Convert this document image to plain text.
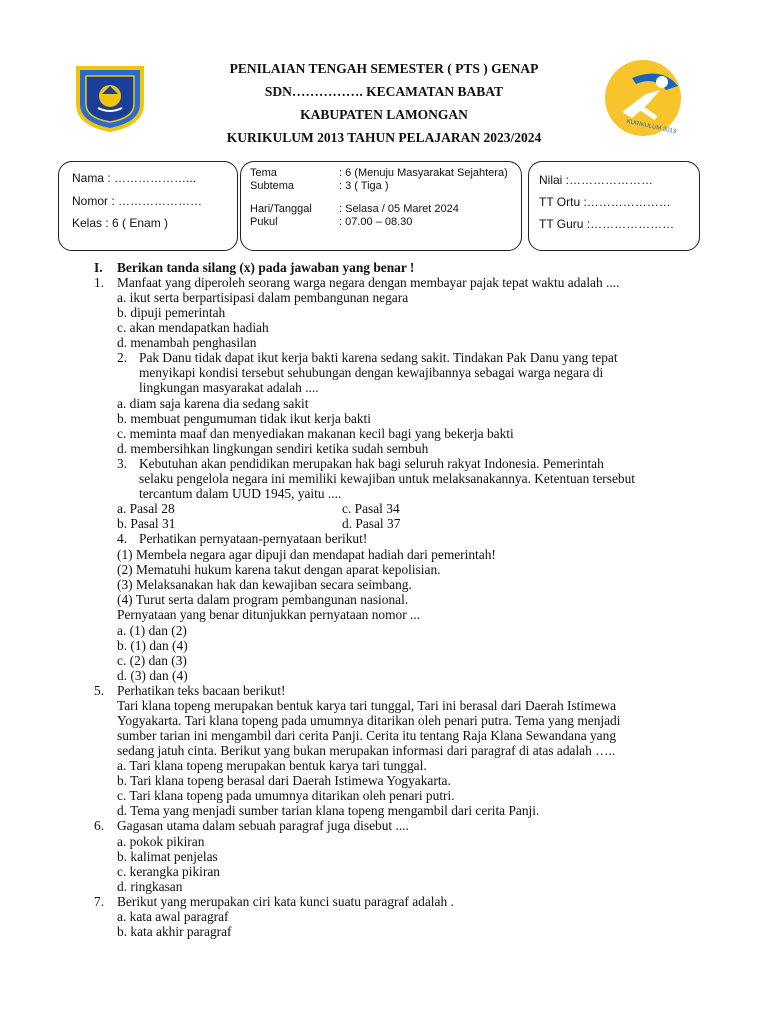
KURIKULUM 2013
PENILAIAN TENGAH SEMESTER ( PTS ) GENAP
SDN……………. KECAMATAN BABAT
KABUPATEN LAMONGAN
KURIKULUM 2013 TAHUN PELAJARAN 2023/2024
Nama : ………………...
Nomor : …………………
Kelas : 6 ( Enam )
Tema	: 6 (Menuju Masyarakat Sejahtera)
Subtema	: 3 ( Tiga )
Hari/Tanggal : Selasa / 05 Maret 2024
Pukul	: 07.00 – 08.30
Nilai :…………………
TT Ortu :…………………
TT Guru :…………………
I. Berikan tanda silang (x) pada jawaban yang benar !
1. Manfaat yang diperoleh seorang warga negara dengan membayar pajak tepat waktu adalah ....
a. ikut serta berpartisipasi dalam pembangunan negara
b. dipuji pemerintah
c. akan mendapatkan hadiah
d. menambah penghasilan
2. Pak Danu tidak dapat ikut kerja bakti karena sedang sakit. Tindakan Pak Danu yang tepat
menyikapi kondisi tersebut sehubungan dengan kewajibannya sebagai warga negara di
lingkungan masyarakat adalah ....
a. diam saja karena dia sedang sakit
b. membuat pengumuman tidak ikut kerja bakti
c. meminta maaf dan menyediakan makanan kecil bagi yang bekerja bakti
d. membersihkan lingkungan sendiri ketika sudah sembuh
3. Kebutuhan akan pendidikan merupakan hak bagi seluruh rakyat Indonesia. Pemerintah
selaku pengelola negara ini memiliki kewajiban untuk melaksanakannya. Ketentuan tersebut
tercantum dalam UUD 1945, yaitu ....
a. Pasal 28	c. Pasal 34
b. Pasal 31	d. Pasal 37
4. Perhatikan pernyataan-pernyataan berikut!
(1) Membela negara agar dipuji dan mendapat hadiah dari pemerintah!
(2) Mematuhi hukum karena takut dengan aparat kepolisian.
(3) Melaksanakan hak dan kewajiban secara seimbang.
(4) Turut serta dalam program pembangunan nasional.
Pernyataan yang benar ditunjukkan pernyataan nomor ...
a. (1) dan (2)
b. (1) dan (4)
c. (2) dan (3)
d. (3) dan (4)
5. Perhatikan teks bacaan berikut!
Tari klana topeng merupakan bentuk karya tari tunggal, Tari ini berasal dari Daerah Istimewa
Yogyakarta. Tari klana topeng pada umumnya ditarikan oleh penari putra. Tema yang menjadi
sumber tarian ini mengambil dari cerita Panji. Cerita itu tentang Raja Klana Sewandana yang
sedang jatuh cinta. Berikut yang bukan merupakan informasi dari paragraf di atas adalah …..
a. Tari klana topeng merupakan bentuk karya tari tunggal.
b. Tari klana topeng berasal dari Daerah Istimewa Yogyakarta.
c. Tari klana topeng pada umumnya ditarikan oleh penari putri.
d. Tema yang menjadi sumber tarian klana topeng mengambil dari cerita Panji.
6. Gagasan utama dalam sebuah paragraf juga disebut ....
a. pokok pikiran
b. kalimat penjelas
c. kerangka pikiran
d. ringkasan
7. Berikut yang merupakan ciri kata kunci suatu paragraf adalah .
a. kata awal paragraf
b. kata akhir paragraf
